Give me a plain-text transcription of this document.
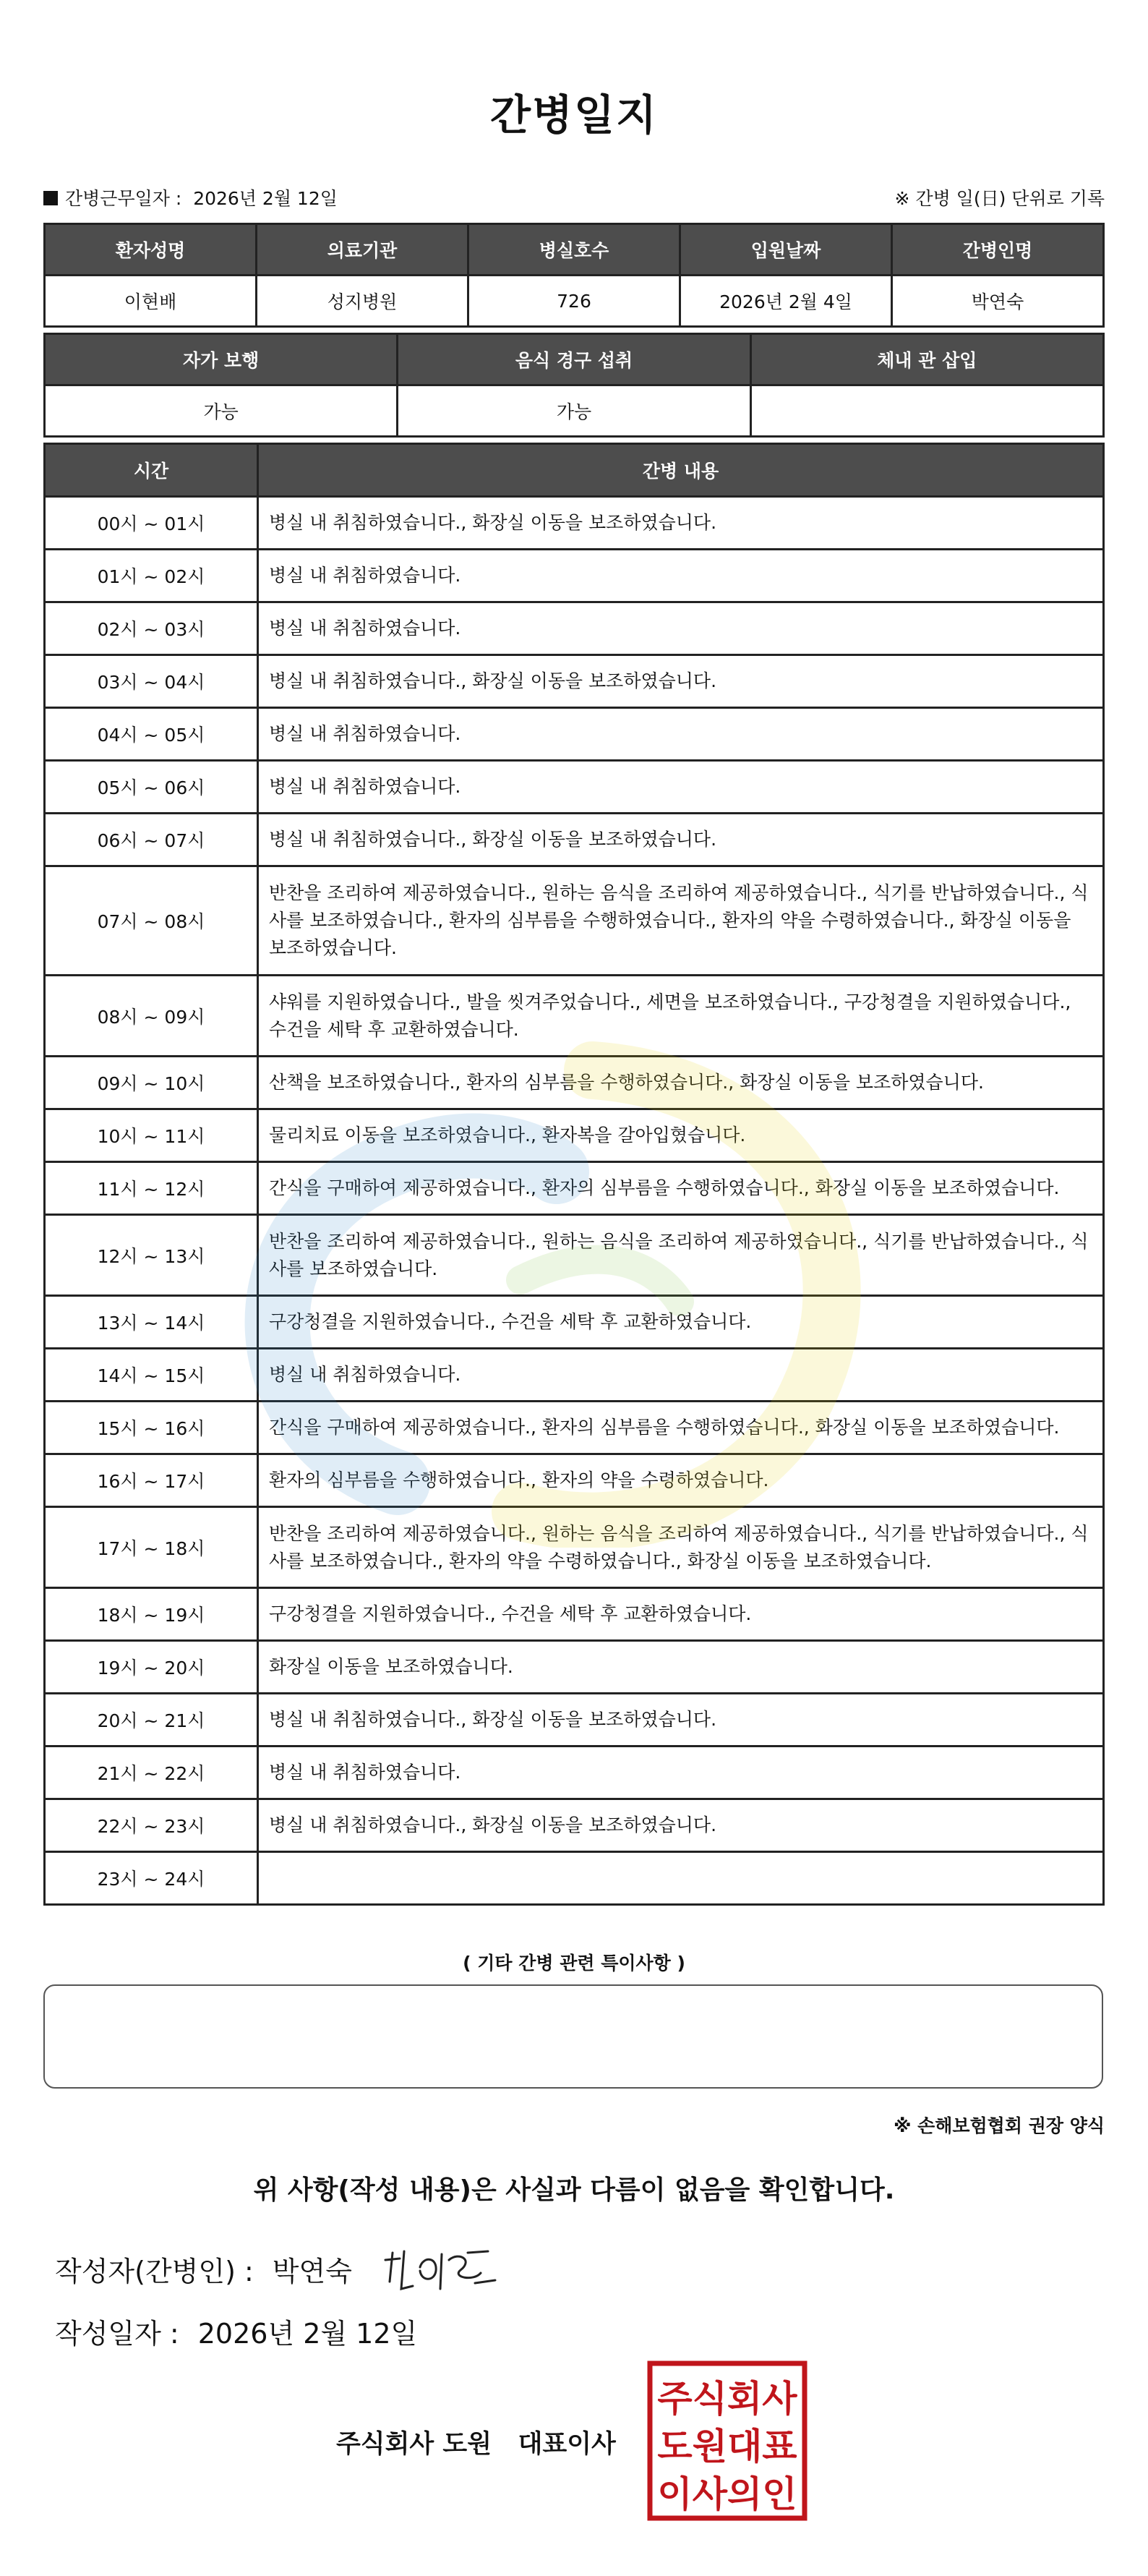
간병일지
간병근무일자 : 2026년 2월 12일	※ 간병 일(日) 단위로 기록
환자성명	의료기관	병실호수	입원날짜	간병인명
이현배	성지병원	726	2026년 2월 4일	박연숙
자가 보행	음식 경구 섭취	체내 관 삽입
가능	가능	
시간	간병 내용
00시 ~ 01시	병실 내 취침하였습니다., 화장실 이동을 보조하였습니다.
01시 ~ 02시	병실 내 취침하였습니다.
02시 ~ 03시	병실 내 취침하였습니다.
03시 ~ 04시	병실 내 취침하였습니다., 화장실 이동을 보조하였습니다.
04시 ~ 05시	병실 내 취침하였습니다.
05시 ~ 06시	병실 내 취침하였습니다.
06시 ~ 07시	병실 내 취침하였습니다., 화장실 이동을 보조하였습니다.
07시 ~ 08시	반찬을 조리하여 제공하였습니다., 원하는 음식을 조리하여 제공하였습니다., 식기를 반납하였습니다., 식사를 보조하였습니다., 환자의 심부름을 수행하였습니다., 환자의 약을 수령하였습니다., 화장실 이동을 보조하였습니다.
08시 ~ 09시	샤워를 지원하였습니다., 발을 씻겨주었습니다., 세면을 보조하였습니다., 구강청결을 지원하였습니다., 수건을 세탁 후 교환하였습니다.
09시 ~ 10시	산책을 보조하였습니다., 환자의 심부름을 수행하였습니다., 화장실 이동을 보조하였습니다.
10시 ~ 11시	물리치료 이동을 보조하였습니다., 환자복을 갈아입혔습니다.
11시 ~ 12시	간식을 구매하여 제공하였습니다., 환자의 심부름을 수행하였습니다., 화장실 이동을 보조하였습니다.
12시 ~ 13시	반찬을 조리하여 제공하였습니다., 원하는 음식을 조리하여 제공하였습니다., 식기를 반납하였습니다., 식사를 보조하였습니다.
13시 ~ 14시	구강청결을 지원하였습니다., 수건을 세탁 후 교환하였습니다.
14시 ~ 15시	병실 내 취침하였습니다.
15시 ~ 16시	간식을 구매하여 제공하였습니다., 환자의 심부름을 수행하였습니다., 화장실 이동을 보조하였습니다.
16시 ~ 17시	환자의 심부름을 수행하였습니다., 환자의 약을 수령하였습니다.
17시 ~ 18시	반찬을 조리하여 제공하였습니다., 원하는 음식을 조리하여 제공하였습니다., 식기를 반납하였습니다., 식사를 보조하였습니다., 환자의 약을 수령하였습니다., 화장실 이동을 보조하였습니다.
18시 ~ 19시	구강청결을 지원하였습니다., 수건을 세탁 후 교환하였습니다.
19시 ~ 20시	화장실 이동을 보조하였습니다.
20시 ~ 21시	병실 내 취침하였습니다., 화장실 이동을 보조하였습니다.
21시 ~ 22시	병실 내 취침하였습니다.
22시 ~ 23시	병실 내 취침하였습니다., 화장실 이동을 보조하였습니다.
23시 ~ 24시	
( 기타 간병 관련 특이사항 )
※ 손해보험협회 권장 양식
위 사항(작성 내용)은 사실과 다름이 없음을 확인합니다.
작성자(간병인) : 박연숙
작성일자 : 2026년 2월 12일
주식회사 도원   대표이사
주식회사
도원대표
이사의인
